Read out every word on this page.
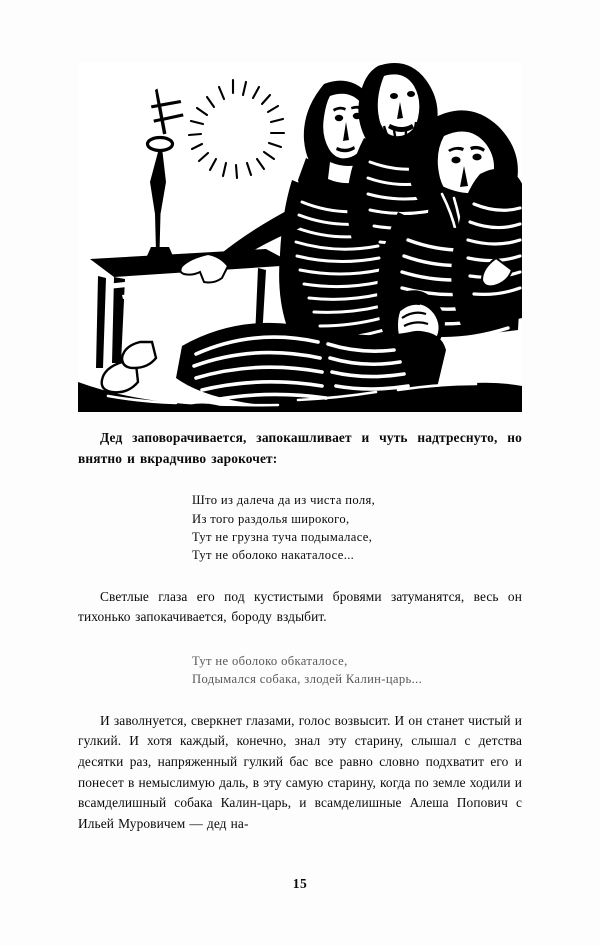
Дед заповорачивается, запокашливает и чуть надтреснуто, но внятно и вкрадчиво зарокочет:

Што из далеча да из чиста поля,
Из того раздолья широкого,
Тут не грузна туча подымаласе,
Тут не оболоко накаталосе...

Светлые глаза его под кустистыми бровями затуманятся, весь он тихонько запокачивается, бороду вздыбит.

Тут не оболоко обкаталосе,
Подымался собака, злодей Калин-царь...

И заволнуется, сверкнет глазами, голос возвысит. И он станет чистый и гулкий. И хотя каждый, конечно, знал эту старину, слышал с детства десятки раз, напряженный гулкий бас все равно словно подхватит его и понесет в немыслимую даль, в эту самую старину, когда по земле ходили и всамделишный собака Калин-царь, и всамделишные Алеша Попович с Ильей Муровичем — дед на-

15
